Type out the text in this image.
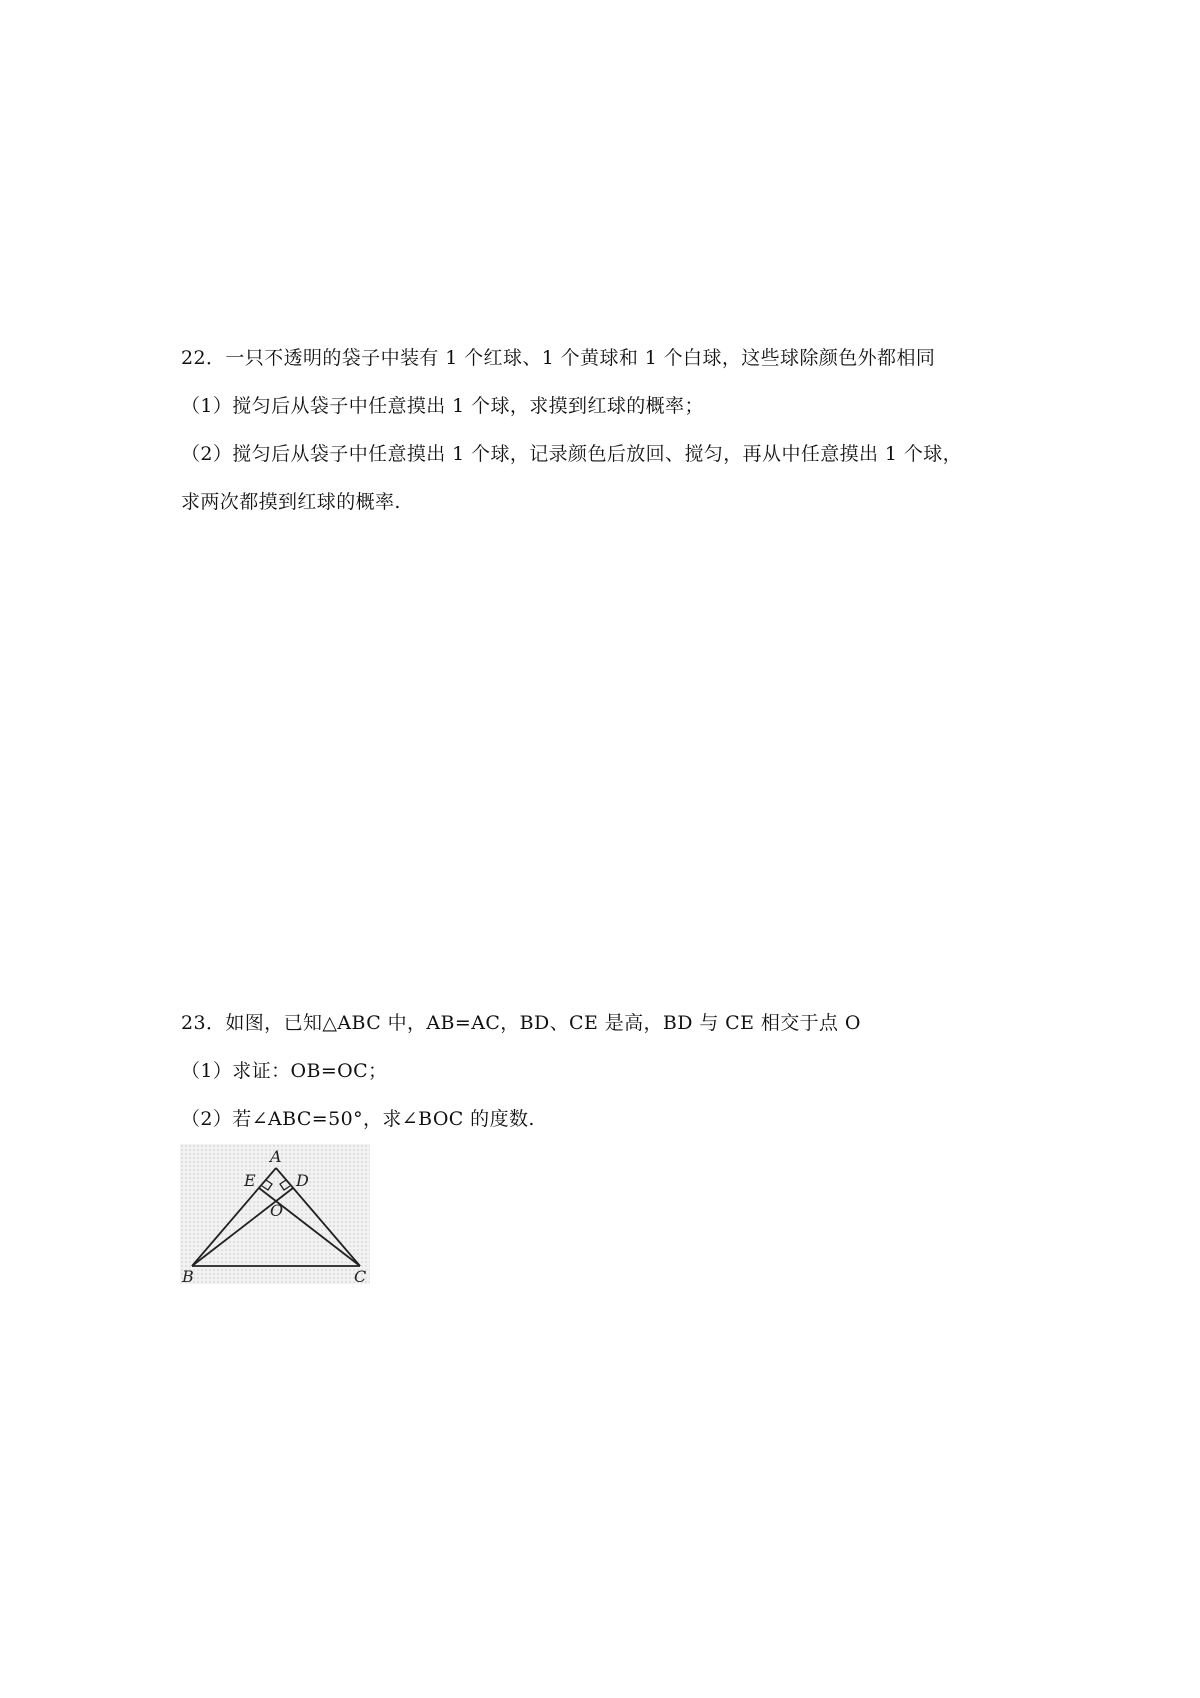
22．一只不透明的袋子中装有 1 个红球、1 个黄球和 1 个白球，这些球除颜色外都相同
（1）搅匀后从袋子中任意摸出 1 个球，求摸到红球的概率；
（2）搅匀后从袋子中任意摸出 1 个球，记录颜色后放回、搅匀，再从中任意摸出 1 个球，
求两次都摸到红球的概率.
23．如图，已知△ABC 中，AB=AC，BD、CE 是高，BD 与 CE 相交于点 O
（1）求证：OB=OC；
（2）若∠ABC=50°，求∠BOC 的度数.
A
E	D
O
B	C
